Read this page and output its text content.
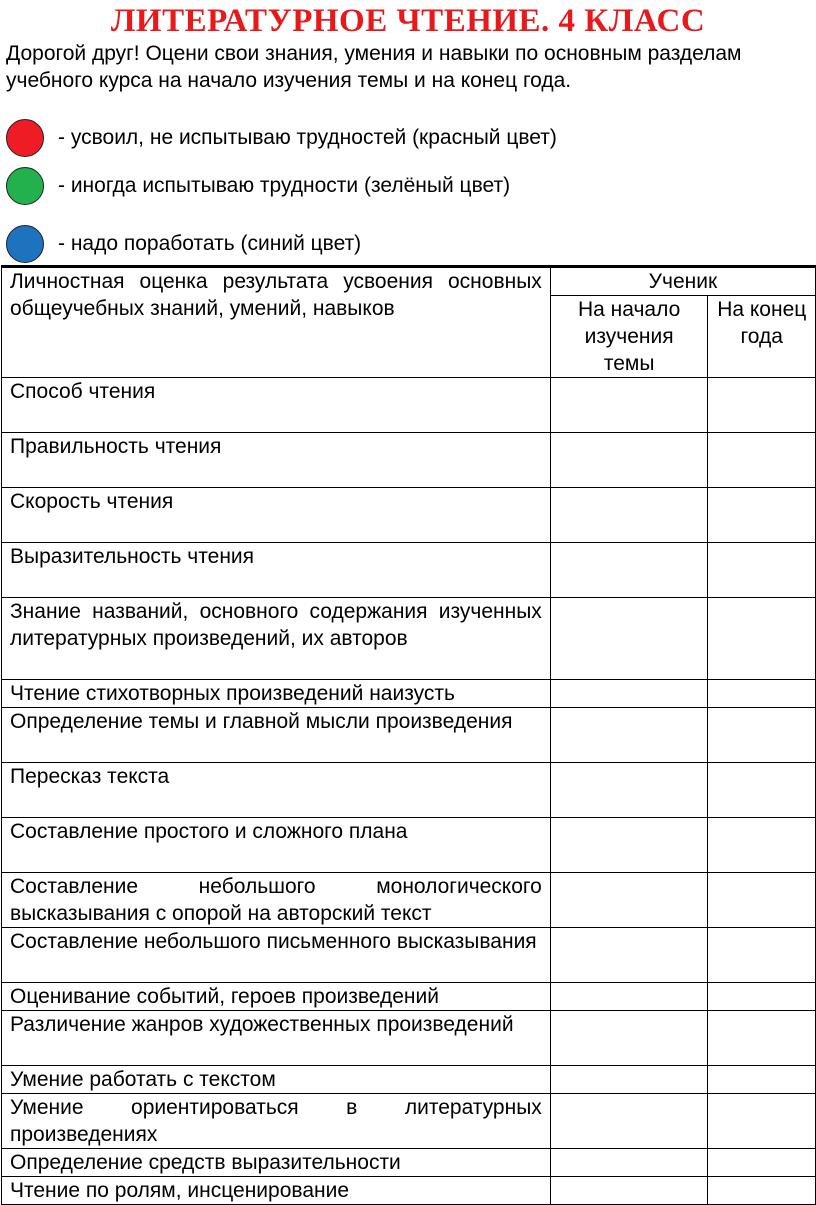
ЛИТЕРАТУРНОЕ ЧТЕНИЕ. 4 КЛАСС

Дорогой друг! Оцени свои знания, умения и навыки по основным разделам учебного курса на начало изучения темы и на конец года.

- усвоил, не испытываю трудностей (красный цвет)
- иногда испытываю трудности (зелёный цвет)
- надо поработать (синий цвет)
Личностная оценка результата усвоения основных общеучебных знаний, умений, навыков	Ученик	
	На начало изучения темы	На конец года
Способ чтения		
Правильность чтения		
Скорость чтения		
Выразительность чтения		
Знание названий, основного содержания изученных литературных произведений, их авторов		
Чтение стихотворных произведений наизусть		
Определение темы и главной мысли произведения		
Пересказ текста		
Составление простого и сложного плана		
Составление небольшого монологического высказывания с опорой на авторский текст		
Составление небольшого письменного высказывания		
Оценивание событий, героев произведений		
Различение жанров художественных произведений		
Умение работать с текстом		
Умение ориентироваться в литературных произведениях		
Определение средств выразительности		
Чтение по ролям, инсценирование		
